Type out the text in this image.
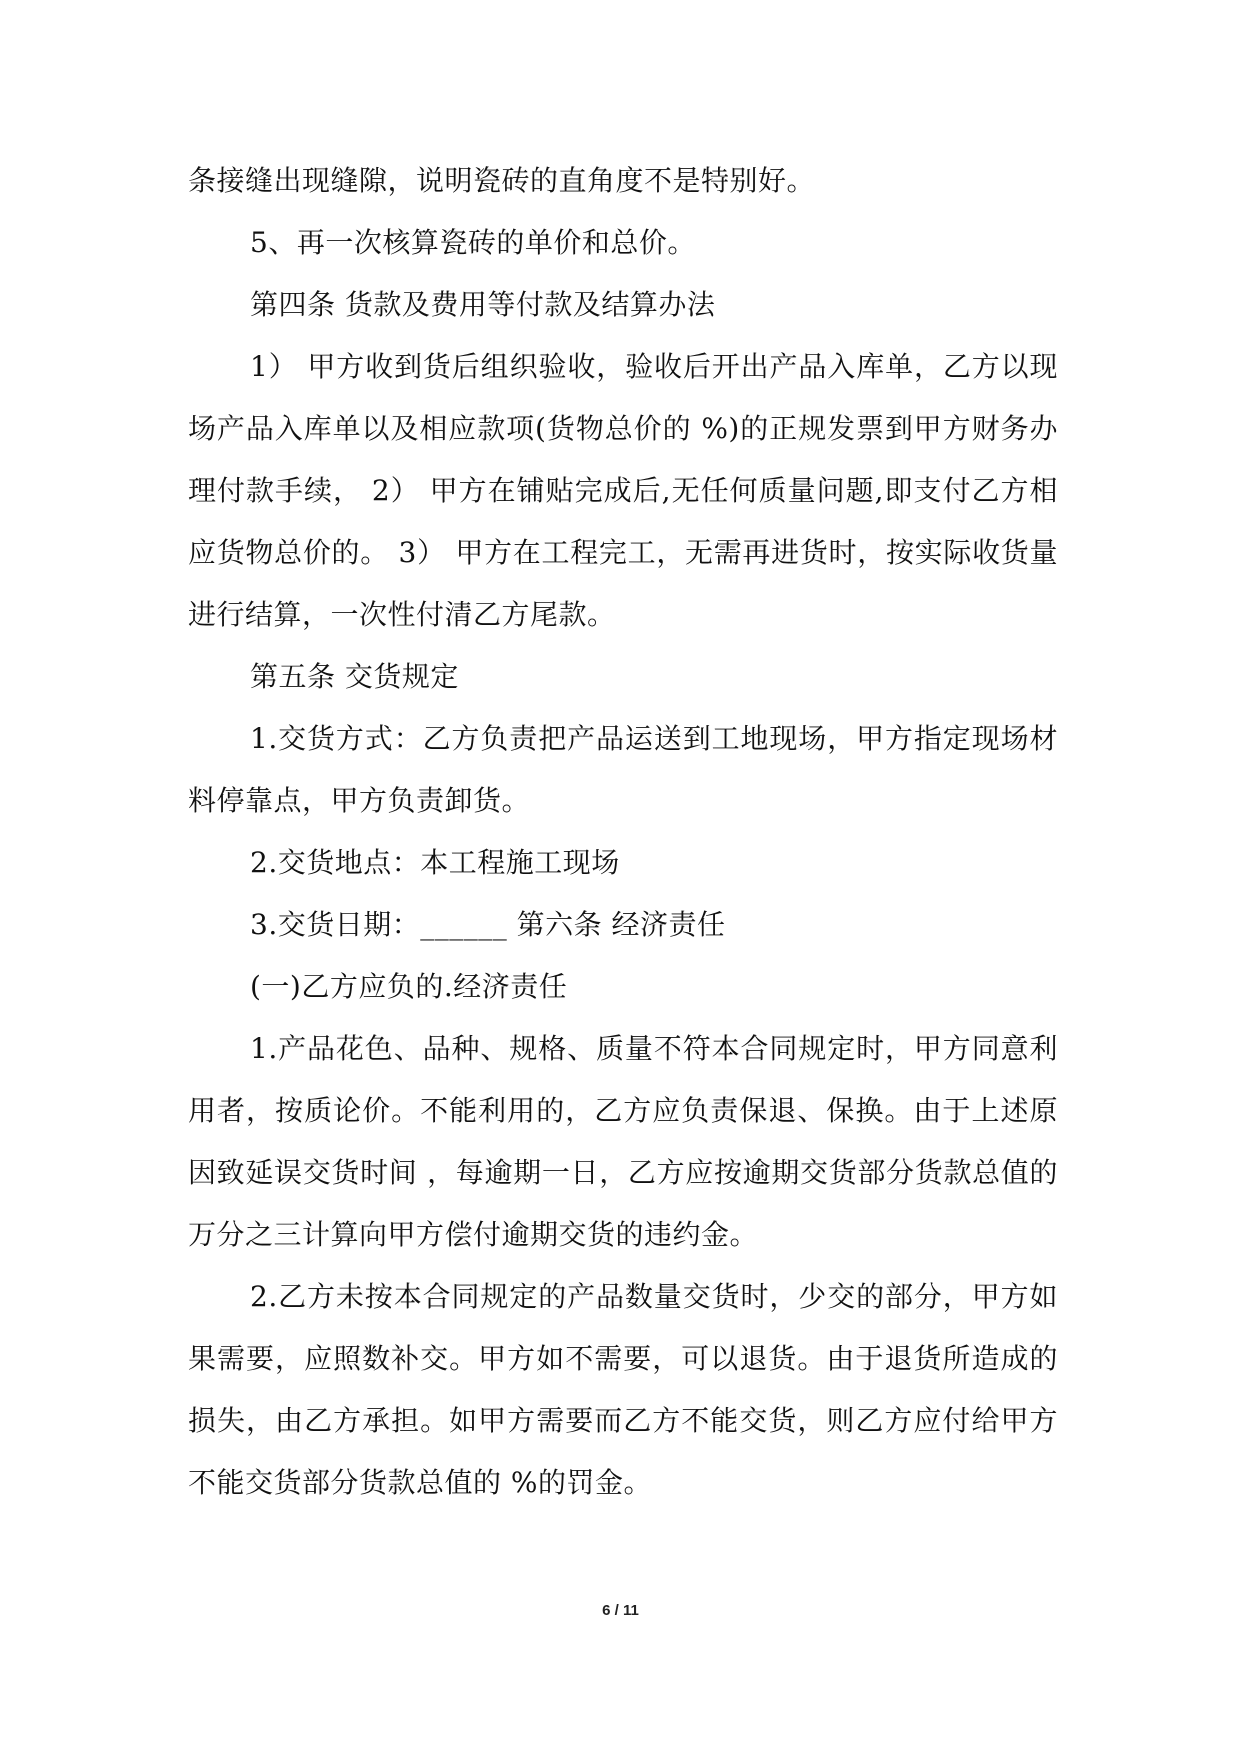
条接缝出现缝隙，说明瓷砖的直角度不是特别好。

5、再一次核算瓷砖的单价和总价。

第四条 货款及费用等付款及结算办法

1） 甲方收到货后组织验收，验收后开出产品入库单，乙方以现场产品入库单以及相应款项(货物总价的 %)的正规发票到甲方财务办理付款手续， 2） 甲方在铺贴完成后,无任何质量问题,即支付乙方相应货物总价的。 3） 甲方在工程完工，无需再进货时，按实际收货量进行结算，一次性付清乙方尾款。

第五条 交货规定

1.交货方式：乙方负责把产品运送到工地现场，甲方指定现场材料停靠点，甲方负责卸货。

2.交货地点：本工程施工现场

3.交货日期：______ 第六条 经济责任

(一)乙方应负的.经济责任

1.产品花色、品种、规格、质量不符本合同规定时，甲方同意利用者，按质论价。不能利用的，乙方应负责保退、保换。由于上述原因致延误交货时间 ，每逾期一日，乙方应按逾期交货部分货款总值的万分之三计算向甲方偿付逾期交货的违约金。

2.乙方未按本合同规定的产品数量交货时，少交的部分，甲方如果需要，应照数补交。甲方如不需要，可以退货。由于退货所造成的损失，由乙方承担。如甲方需要而乙方不能交货，则乙方应付给甲方不能交货部分货款总值的 %的罚金。

6 / 11
